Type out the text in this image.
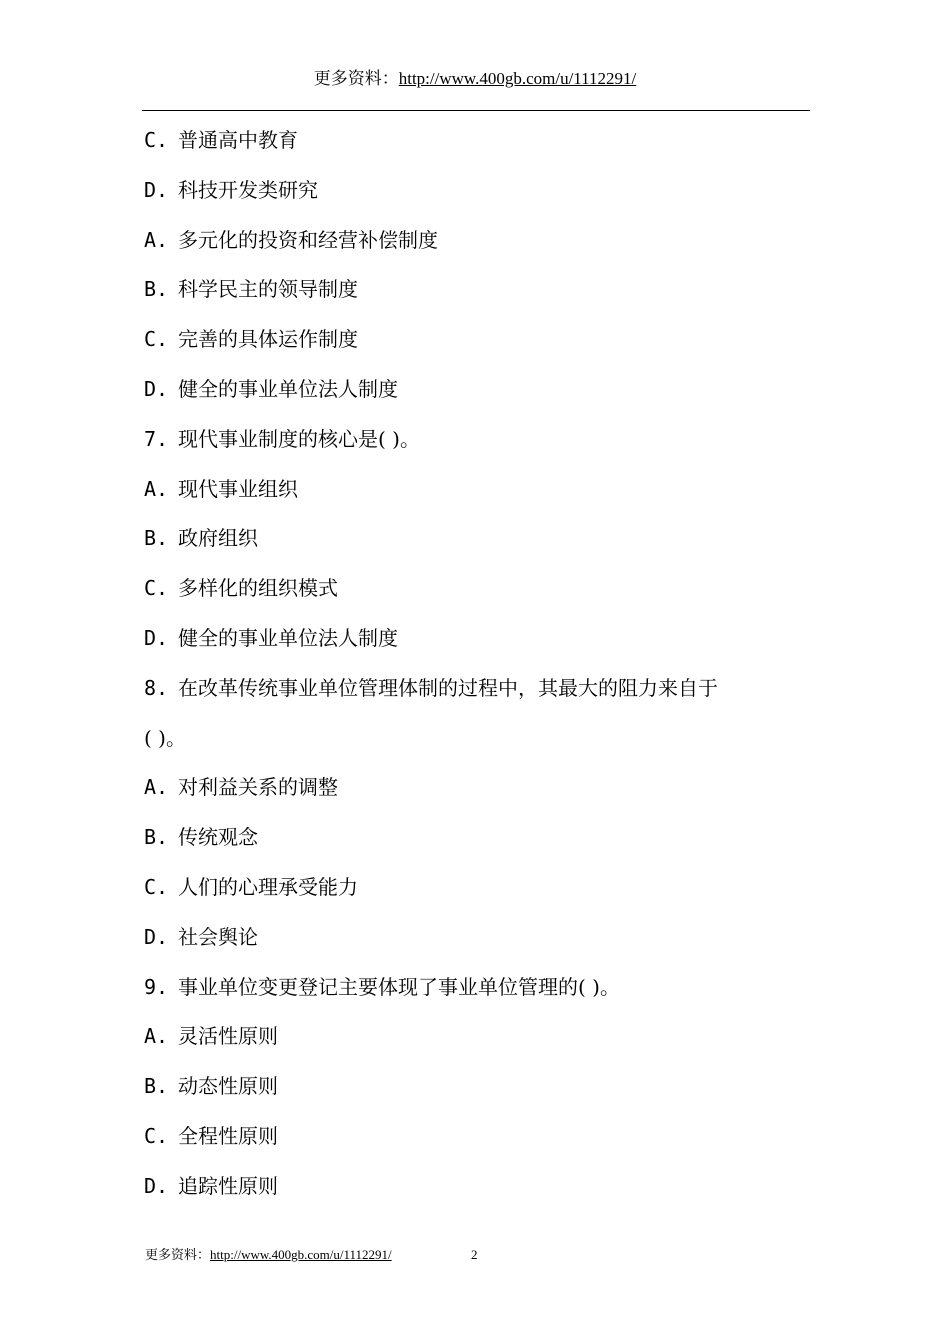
更多资料：http://www.400gb.com/u/1112291/
C. 普通高中教育
D. 科技开发类研究
A. 多元化的投资和经营补偿制度
B. 科学民主的领导制度
C. 完善的具体运作制度
D. 健全的事业单位法人制度
7. 现代事业制度的核心是( )。
A. 现代事业组织
B. 政府组织
C. 多样化的组织模式
D. 健全的事业单位法人制度
8. 在改革传统事业单位管理体制的过程中，其最大的阻力来自于
( )。
A. 对利益关系的调整
B. 传统观念
C. 人们的心理承受能力
D. 社会舆论
9. 事业单位变更登记主要体现了事业单位管理的( )。
A. 灵活性原则
B. 动态性原则
C. 全程性原则
D. 追踪性原则
更多资料：http://www.400gb.com/u/1112291/	2
